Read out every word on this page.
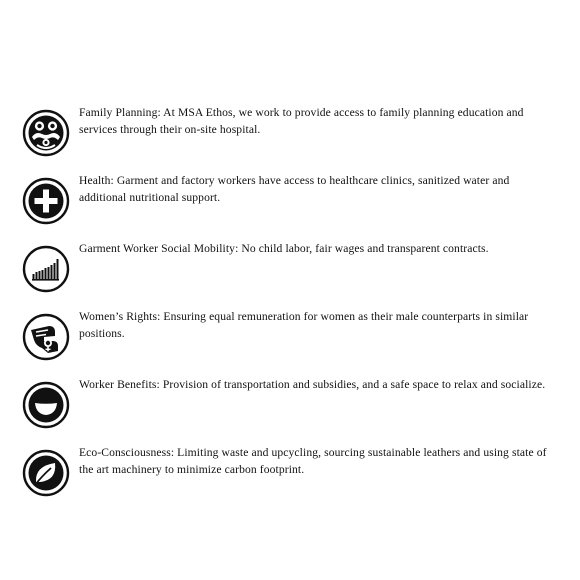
Family Planning: At MSA Ethos, we work to provide access to family planning education and services through their on-site hospital.
Health: Garment and factory workers have access to healthcare clinics, sanitized water and additional nutritional support.
Garment Worker Social Mobility: No child labor, fair wages and transparent contracts.
Women’s Rights: Ensuring equal remuneration for women as their male counterparts in similar positions.
Worker Benefits: Provision of transportation and subsidies, and a safe space to relax and socialize.
Eco-Consciousness: Limiting waste and upcycling, sourcing sustainable leathers and using state of the art machinery to minimize carbon footprint.
